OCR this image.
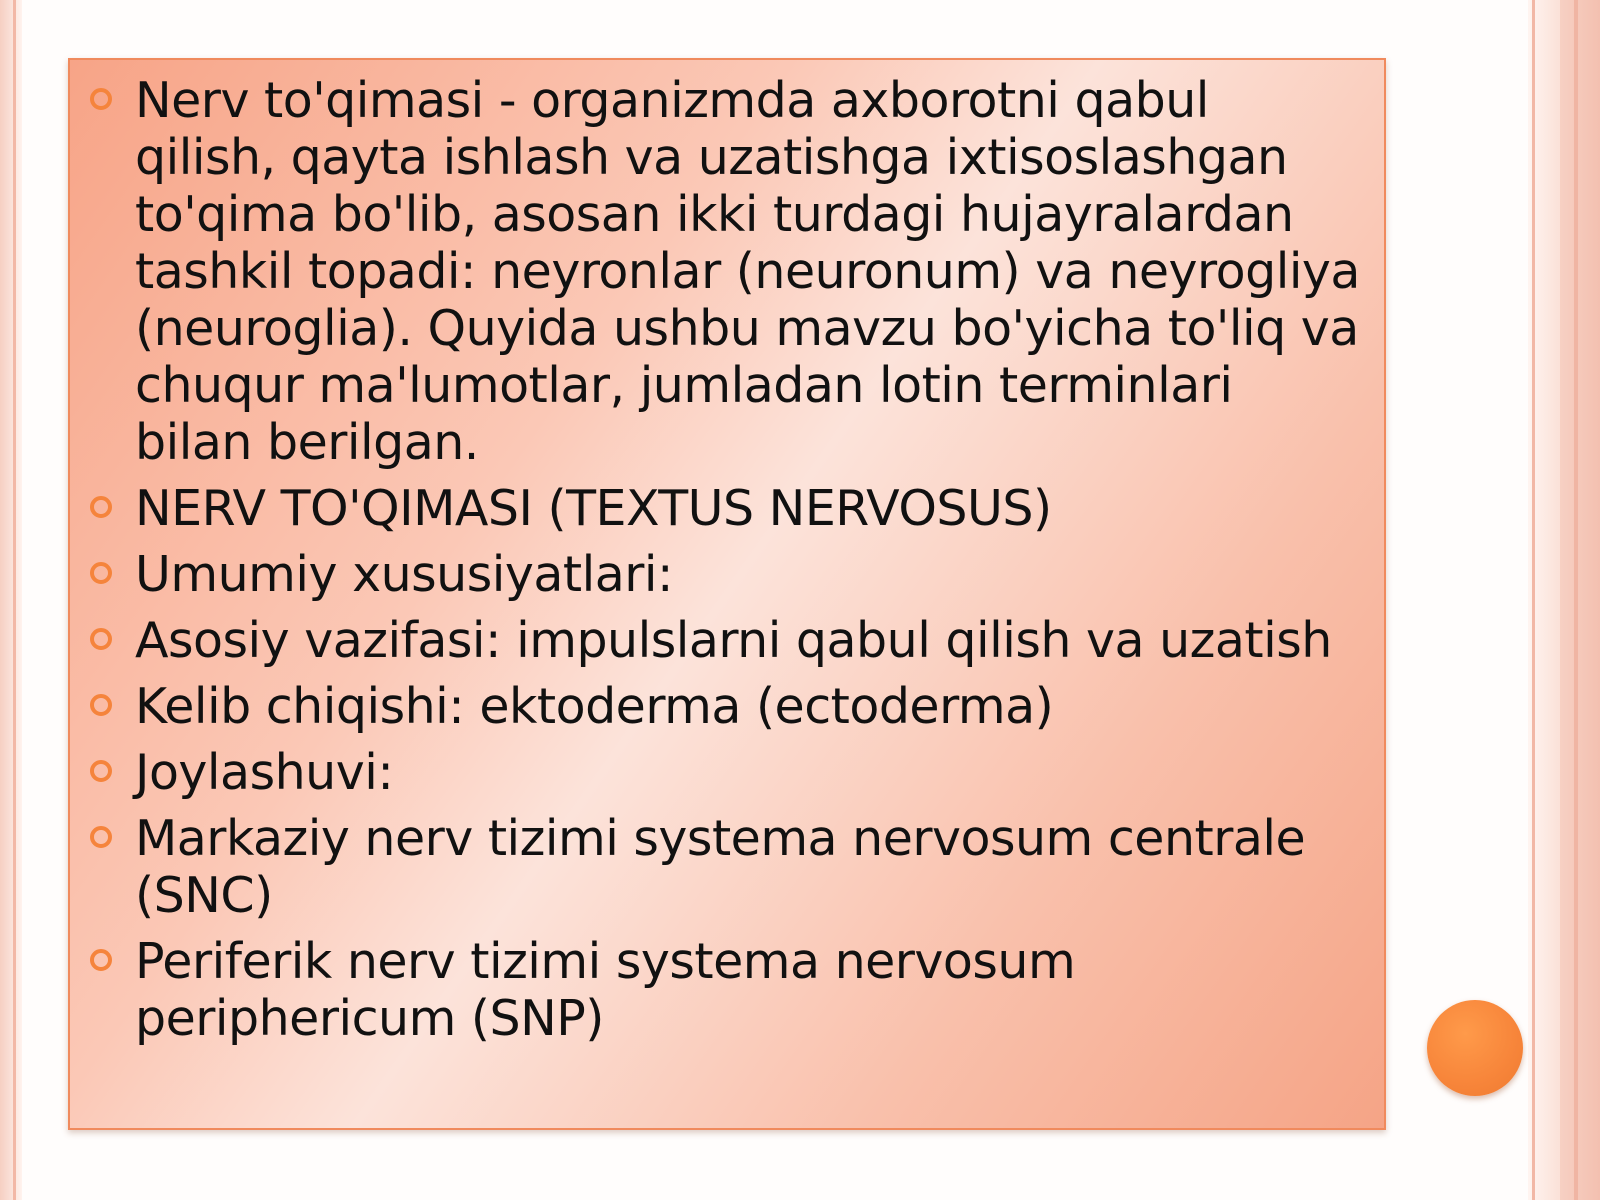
Nerv to'qimasi - organizmda axborotni qabul qilish, qayta ishlash va uzatishga ixtisoslashgan to'qima bo'lib, asosan ikki turdagi hujayralardan tashkil topadi: neyronlar (neuronum) va neyrogliya (neuroglia). Quyida ushbu mavzu bo'yicha to'liq va chuqur ma'lumotlar, jumladan lotin terminlari bilan berilgan.
NERV TO'QIMASI (TEXTUS NERVOSUS)
Umumiy xususiyatlari:
Asosiy vazifasi: impulslarni qabul qilish va uzatish
Kelib chiqishi: ektoderma (ectoderma)
Joylashuvi:
Markaziy nerv tizimi systema nervosum centrale (SNC)
Periferik nerv tizimi systema nervosum periphericum (SNP)
